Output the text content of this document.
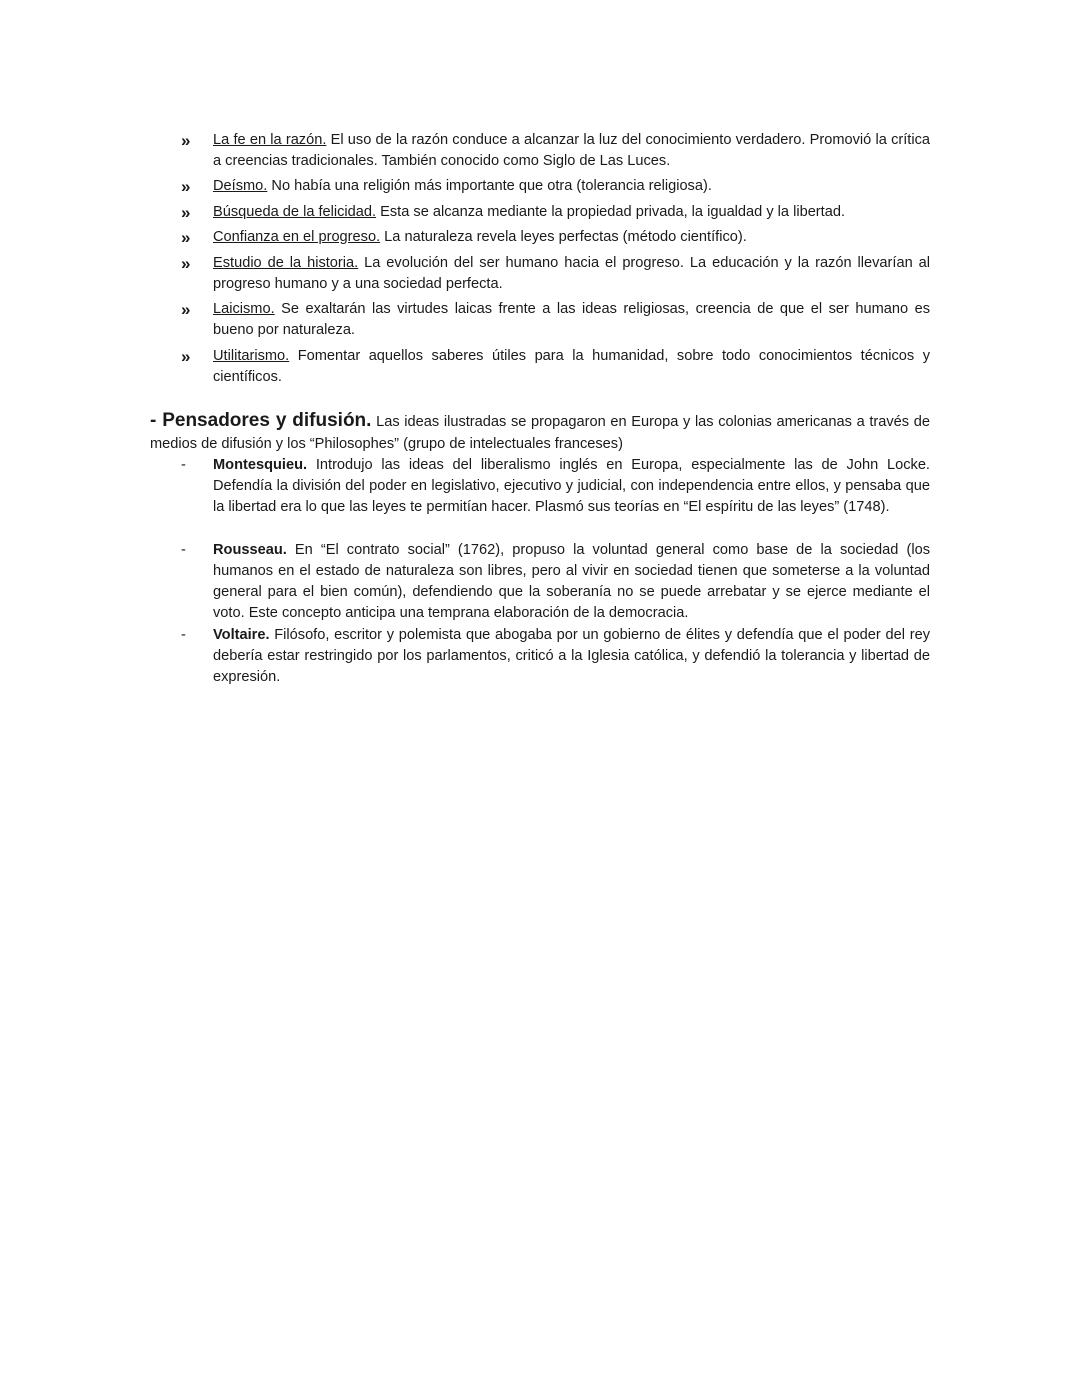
»	La fe en la razón. El uso de la razón conduce a alcanzar la luz del conocimiento verdadero. Promovió la crítica a creencias tradicionales. También conocido como Siglo de Las Luces.
»	Deísmo. No había una religión más importante que otra (tolerancia religiosa).
»	Búsqueda de la felicidad. Esta se alcanza mediante la propiedad privada, la igualdad y la libertad.
»	Confianza en el progreso. La naturaleza revela leyes perfectas (método científico).
»	Estudio de la historia. La evolución del ser humano hacia el progreso. La educación y la razón llevarían al progreso humano y a una sociedad perfecta.
»	Laicismo. Se exaltarán las virtudes laicas frente a las ideas religiosas, creencia de que el ser humano es bueno por naturaleza.
»	Utilitarismo. Fomentar aquellos saberes útiles para la humanidad, sobre todo conocimientos técnicos y científicos.
- Pensadores y difusión. Las ideas ilustradas se propagaron en Europa y las colonias americanas a través de medios de difusión y los “Philosophes” (grupo de intelectuales franceses)
-	Montesquieu. Introdujo las ideas del liberalismo inglés en Europa, especialmente las de John Locke. Defendía la división del poder en legislativo, ejecutivo y judicial, con independencia entre ellos, y pensaba que la libertad era lo que las leyes te permitían hacer. Plasmó sus teorías en “El espíritu de las leyes” (1748).
-	Rousseau. En “El contrato social” (1762), propuso la voluntad general como base de la sociedad (los humanos en el estado de naturaleza son libres, pero al vivir en sociedad tienen que someterse a la voluntad general para el bien común), defendiendo que la soberanía no se puede arrebatar y se ejerce mediante el voto. Este concepto anticipa una temprana elaboración de la democracia.
-	Voltaire. Filósofo, escritor y polemista que abogaba por un gobierno de élites y defendía que el poder del rey debería estar restringido por los parlamentos, criticó a la Iglesia católica, y defendió la tolerancia y libertad de expresión.
